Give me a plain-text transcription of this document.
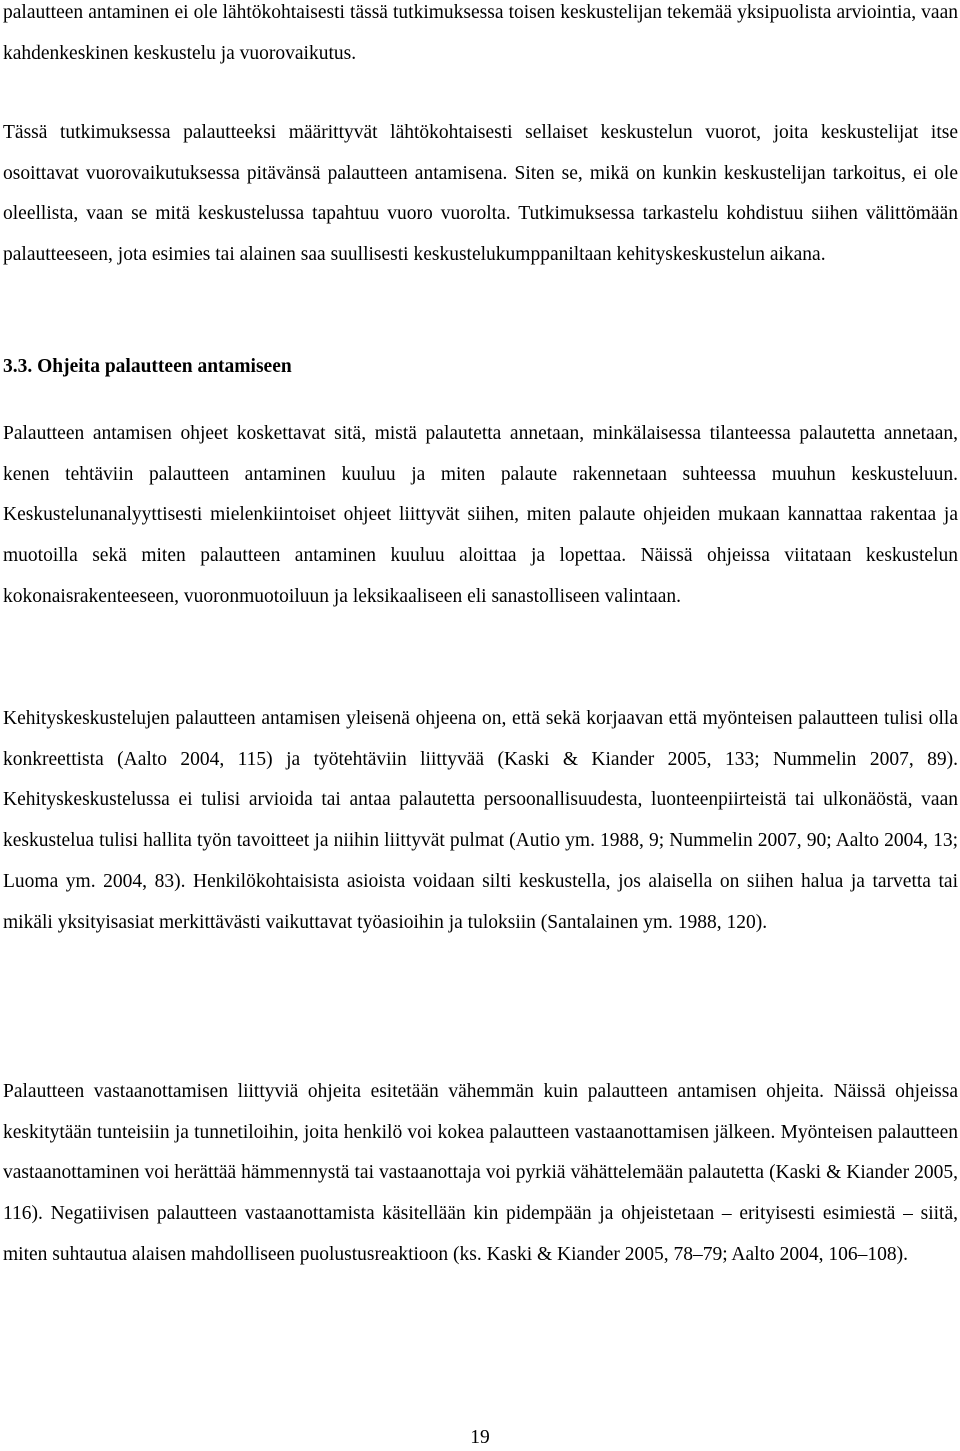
palautteen antaminen ei ole lähtökohtaisesti tässä tutkimuksessa toisen keskustelijan tekemää yksipuolista arviointia, vaan kahdenkeskinen keskustelu ja vuorovaikutus.

Tässä tutkimuksessa palautteeksi määrittyvät lähtökohtaisesti sellaiset keskustelun vuorot, joita keskustelijat itse osoittavat vuorovaikutuksessa pitävänsä palautteen antamisena. Siten se, mikä on kunkin keskustelijan tarkoitus, ei ole oleellista, vaan se mitä keskustelussa tapahtuu vuoro vuorolta. Tutkimuksessa tarkastelu kohdistuu siihen välittömään palautteeseen, jota esimies tai alainen saa suullisesti keskustelukumppaniltaan kehityskeskustelun aikana.

3.3. Ohjeita palautteen antamiseen

Palautteen antamisen ohjeet koskettavat sitä, mistä palautetta annetaan, minkälaisessa tilanteessa palautetta annetaan, kenen tehtäviin palautteen antaminen kuuluu ja miten palaute rakennetaan suhteessa muuhun keskusteluun. Keskustelunanalyyttisesti mielenkiintoiset ohjeet liittyvät siihen, miten palaute ohjeiden mukaan kannattaa rakentaa ja muotoilla sekä miten palautteen antaminen kuuluu aloittaa ja lopettaa. Näissä ohjeissa viitataan keskustelun kokonaisrakenteeseen, vuoronmuotoiluun ja leksikaaliseen eli sanastolliseen valintaan.

Kehityskeskustelujen palautteen antamisen yleisenä ohjeena on, että sekä korjaavan että myönteisen palautteen tulisi olla konkreettista (Aalto 2004, 115) ja työtehtäviin liittyvää (Kaski & Kiander 2005, 133; Nummelin 2007, 89). Kehityskeskustelussa ei tulisi arvioida tai antaa palautetta persoonallisuudesta, luonteenpiirteistä tai ulkonäöstä, vaan keskustelua tulisi hallita työn tavoitteet ja niihin liittyvät pulmat (Autio ym. 1988, 9; Nummelin 2007, 90; Aalto 2004, 13; Luoma ym. 2004, 83). Henkilökohtaisista asioista voidaan silti keskustella, jos alaisella on siihen halua ja tarvetta tai mikäli yksityisasiat merkittävästi vaikuttavat työasioihin ja tuloksiin (Santalainen ym. 1988, 120).

Palautteen vastaanottamisen liittyviä ohjeita esitetään vähemmän kuin palautteen antamisen ohjeita. Näissä ohjeissa keskitytään tunteisiin ja tunnetiloihin, joita henkilö voi kokea palautteen vastaanottamisen jälkeen. Myönteisen palautteen vastaanottaminen voi herättää hämmennystä tai vastaanottaja voi pyrkiä vähättelemään palautetta (Kaski & Kiander 2005, 116). Negatiivisen palautteen vastaanottamista käsitellään kin pidempään ja ohjeistetaan – erityisesti esimiestä – siitä, miten suhtautua alaisen mahdolliseen puolustusreaktioon (ks. Kaski & Kiander 2005, 78–79; Aalto 2004, 106–108).

19
